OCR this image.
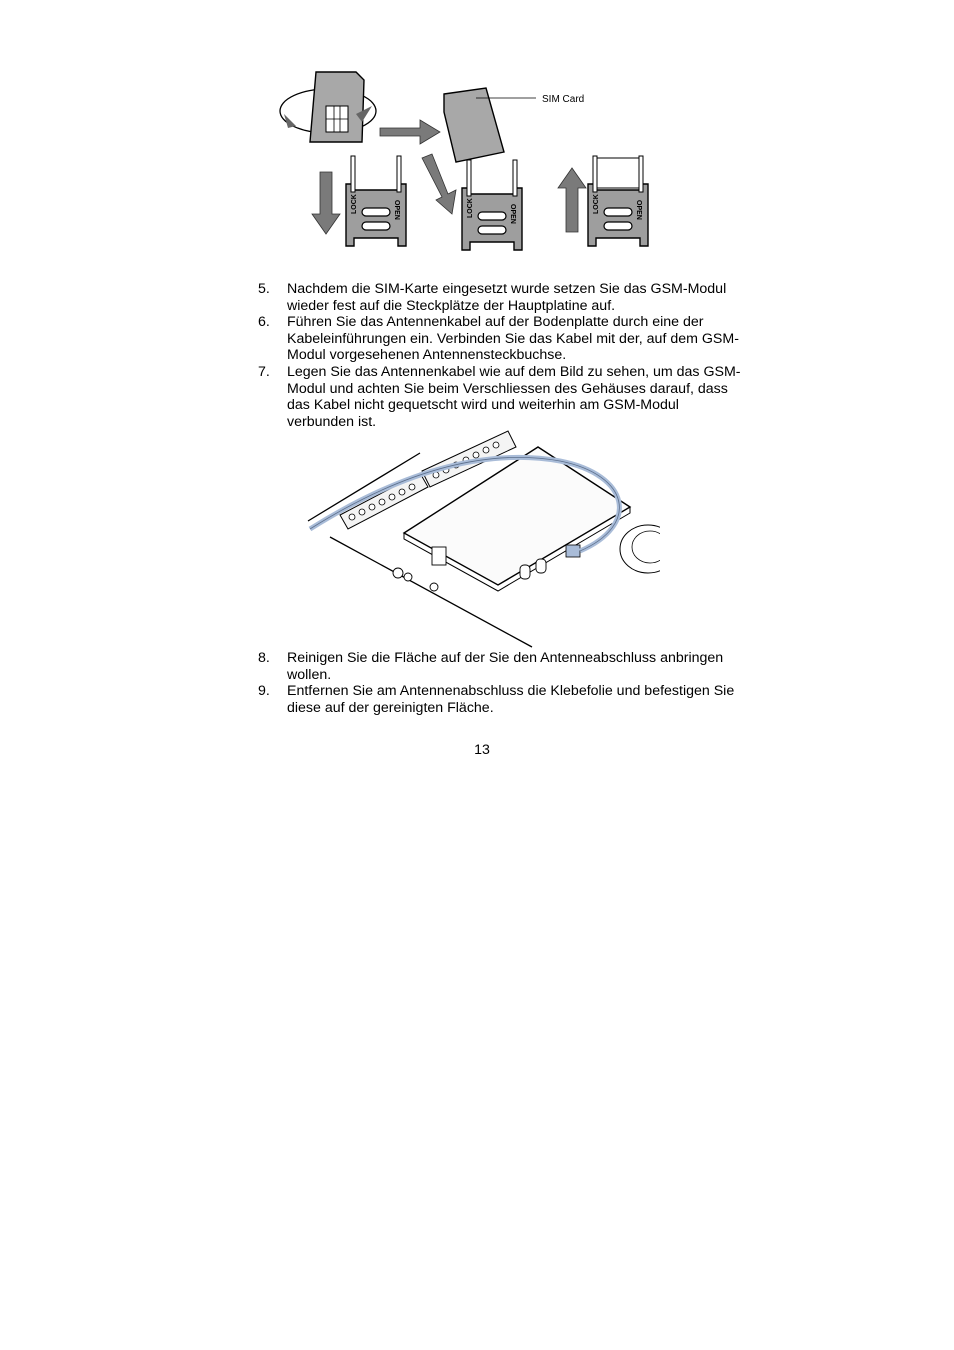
SIM Card
LOCK	OPEN	LOCK	OPEN	LOCK	OPEN
5. Nachdem die SIM-Karte eingesetzt wurde setzen Sie das GSM-Modul wieder fest auf die Steckplätze der Hauptplatine auf.
6. Führen Sie das Antennenkabel auf der Bodenplatte durch eine der Kabeleinführungen ein. Verbinden Sie das Kabel mit der, auf dem GSM-Modul vorgesehenen Antennensteckbuchse.
7. Legen Sie das Antennenkabel wie auf dem Bild zu sehen, um das GSM-Modul und achten Sie beim Verschliessen des Gehäuses darauf, dass das Kabel nicht gequetscht wird und weiterhin am GSM-Modul verbunden ist.
8. Reinigen Sie die Fläche auf der Sie den Antenneabschluss anbringen wollen.
9. Entfernen Sie am Antennenabschluss die Klebefolie und befestigen Sie diese auf der gereinigten Fläche.
13
